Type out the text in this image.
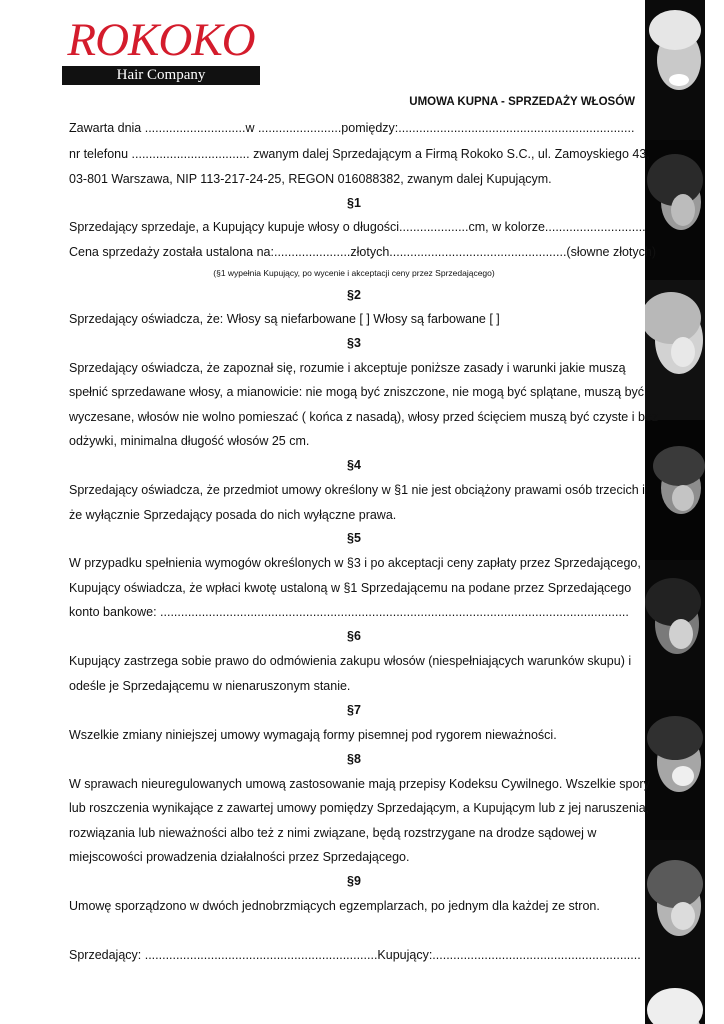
ROKOKO
Hair Company
UMOWA KUPNA - SPRZEDAŻY WŁOSÓW
Zawarta dnia .............................w ........................pomiędzy:....................................................................
nr telefonu .................................. zwanym dalej Sprzedającym a Firmą Rokoko S.C., ul. Zamoyskiego 43,
03-801 Warszawa, NIP 113-217-24-25, REGON 016088382, zwanym dalej Kupującym.
§1
Sprzedający sprzedaje, a Kupujący kupuje włosy o długości....................cm, w kolorze.............................
Cena sprzedaży została ustalona na:......................złotych...................................................(słowne złotych)
(§1 wypełnia Kupujący, po wycenie i akceptacji ceny przez Sprzedającego)
§2
Sprzedający oświadcza, że: Włosy są niefarbowane [ ] Włosy są farbowane [ ]
§3
Sprzedający oświadcza, że zapoznał się, rozumie i akceptuje poniższe zasady i warunki jakie muszą
spełnić sprzedawane włosy, a mianowicie: nie mogą być zniszczone, nie mogą być splątane, muszą być
wyczesane, włosów nie wolno pomieszać ( końca z nasadą), włosy przed ścięciem muszą być czyste i bez
odżywki, minimalna długość włosów 25 cm.
§4
Sprzedający oświadcza, że przedmiot umowy określony w §1 nie jest obciążony prawami osób trzecich i
że wyłącznie Sprzedający posada do nich wyłączne prawa.
§5
W przypadku spełnienia wymogów określonych w §3 i po akceptacji ceny zapłaty przez Sprzedającego,
Kupujący oświadcza, że wpłaci kwotę ustaloną w §1 Sprzedającemu na podane przez Sprzedającego
konto bankowe: .......................................................................................................................................
§6
Kupujący zastrzega sobie prawo do odmówienia zakupu włosów (niespełniających warunków skupu) i
odeśle je Sprzedającemu w nienaruszonym stanie.
§7
Wszelkie zmiany niniejszej umowy wymagają formy pisemnej pod rygorem nieważności.
§8
W sprawach nieuregulowanych umową zastosowanie mają przepisy Kodeksu Cywilnego. Wszelkie spory
lub roszczenia wynikające z zawartej umowy pomiędzy Sprzedającym, a Kupującym lub z jej naruszenia,
rozwiązania lub nieważności albo też z nimi związane, będą rozstrzygane na drodze sądowej w
miejscowości prowadzenia działalności przez Sprzedającego.
§9
Umowę sporządzono w dwóch jednobrzmiących egzemplarzach, po jednym dla każdej ze stron.
Sprzedający: ...................................................................Kupujący:............................................................
